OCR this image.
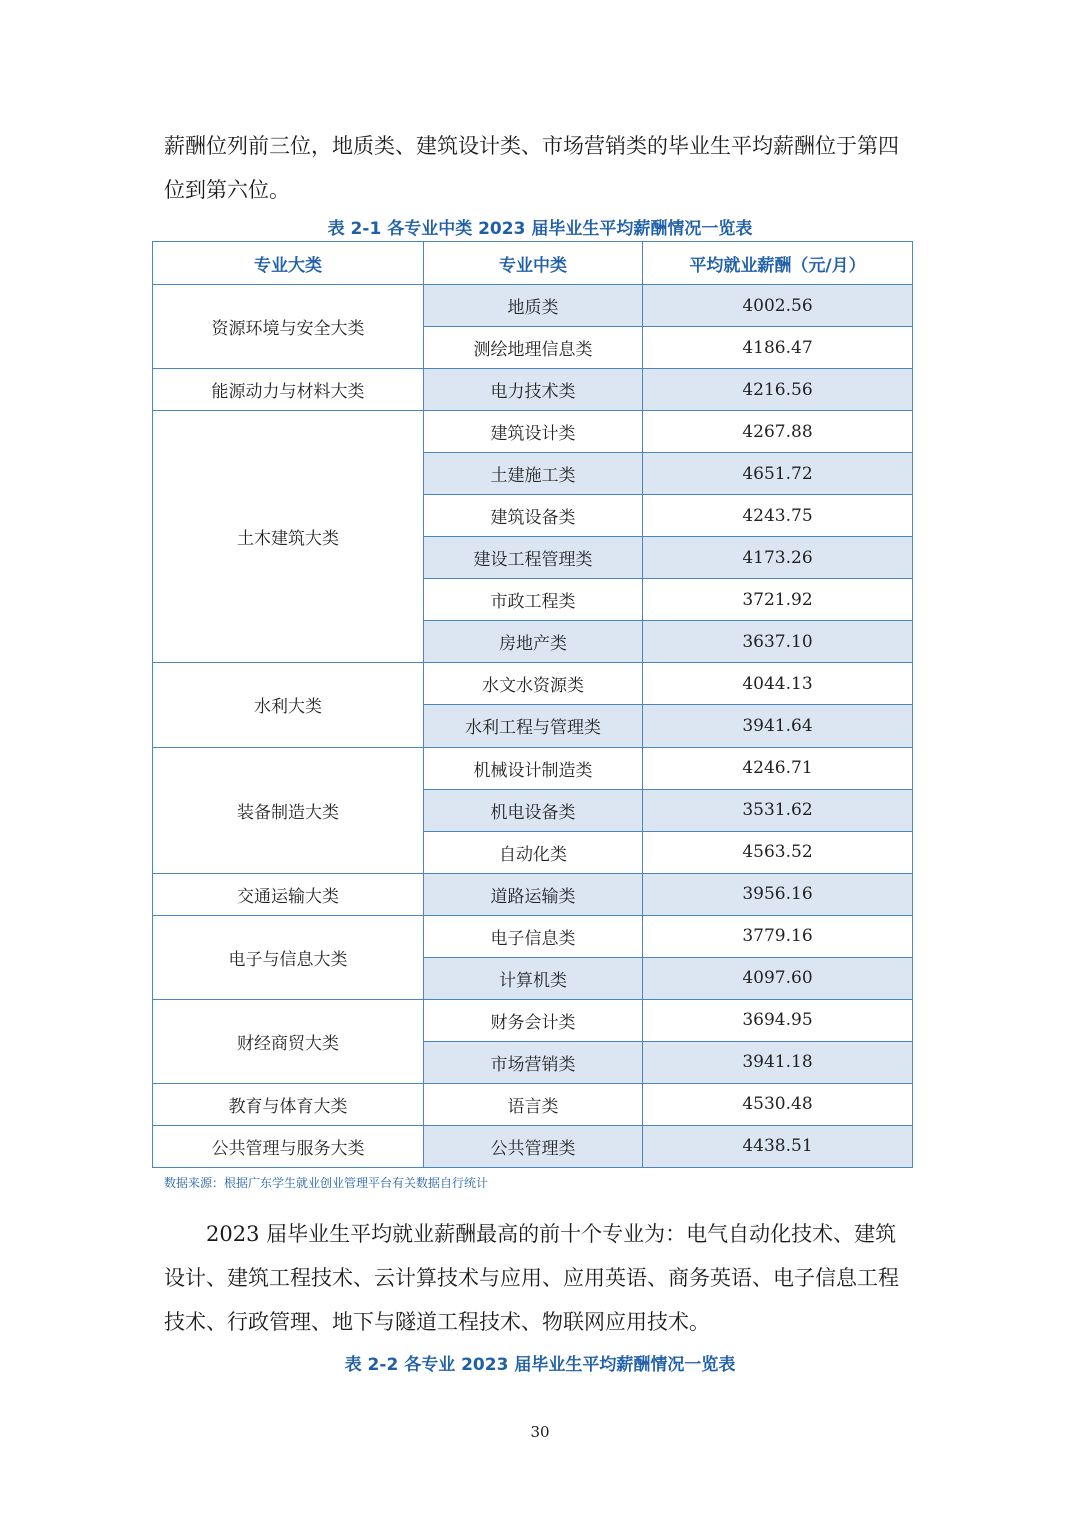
薪酬位列前三位，地质类、建筑设计类、市场营销类的毕业生平均薪酬位于第四位到第六位。

表 2-1 各专业中类 2023 届毕业生平均薪酬情况一览表

专业大类	专业中类	平均就业薪酬（元/月）
资源环境与安全大类	地质类	4002.56
	测绘地理信息类	4186.47
能源动力与材料大类	电力技术类	4216.56
土木建筑大类	建筑设计类	4267.88
	土建施工类	4651.72
	建筑设备类	4243.75
	建设工程管理类	4173.26
	市政工程类	3721.92
	房地产类	3637.10
水利大类	水文水资源类	4044.13
	水利工程与管理类	3941.64
装备制造大类	机械设计制造类	4246.71
	机电设备类	3531.62
	自动化类	4563.52
交通运输大类	道路运输类	3956.16
电子与信息大类	电子信息类	3779.16
	计算机类	4097.60
财经商贸大类	财务会计类	3694.95
	市场营销类	3941.18
教育与体育大类	语言类	4530.48
公共管理与服务大类	公共管理类	4438.51

数据来源：根据广东学生就业创业管理平台有关数据自行统计

2023 届毕业生平均就业薪酬最高的前十个专业为：电气自动化技术、建筑设计、建筑工程技术、云计算技术与应用、应用英语、商务英语、电子信息工程技术、行政管理、地下与隧道工程技术、物联网应用技术。

表 2-2 各专业 2023 届毕业生平均薪酬情况一览表

30
